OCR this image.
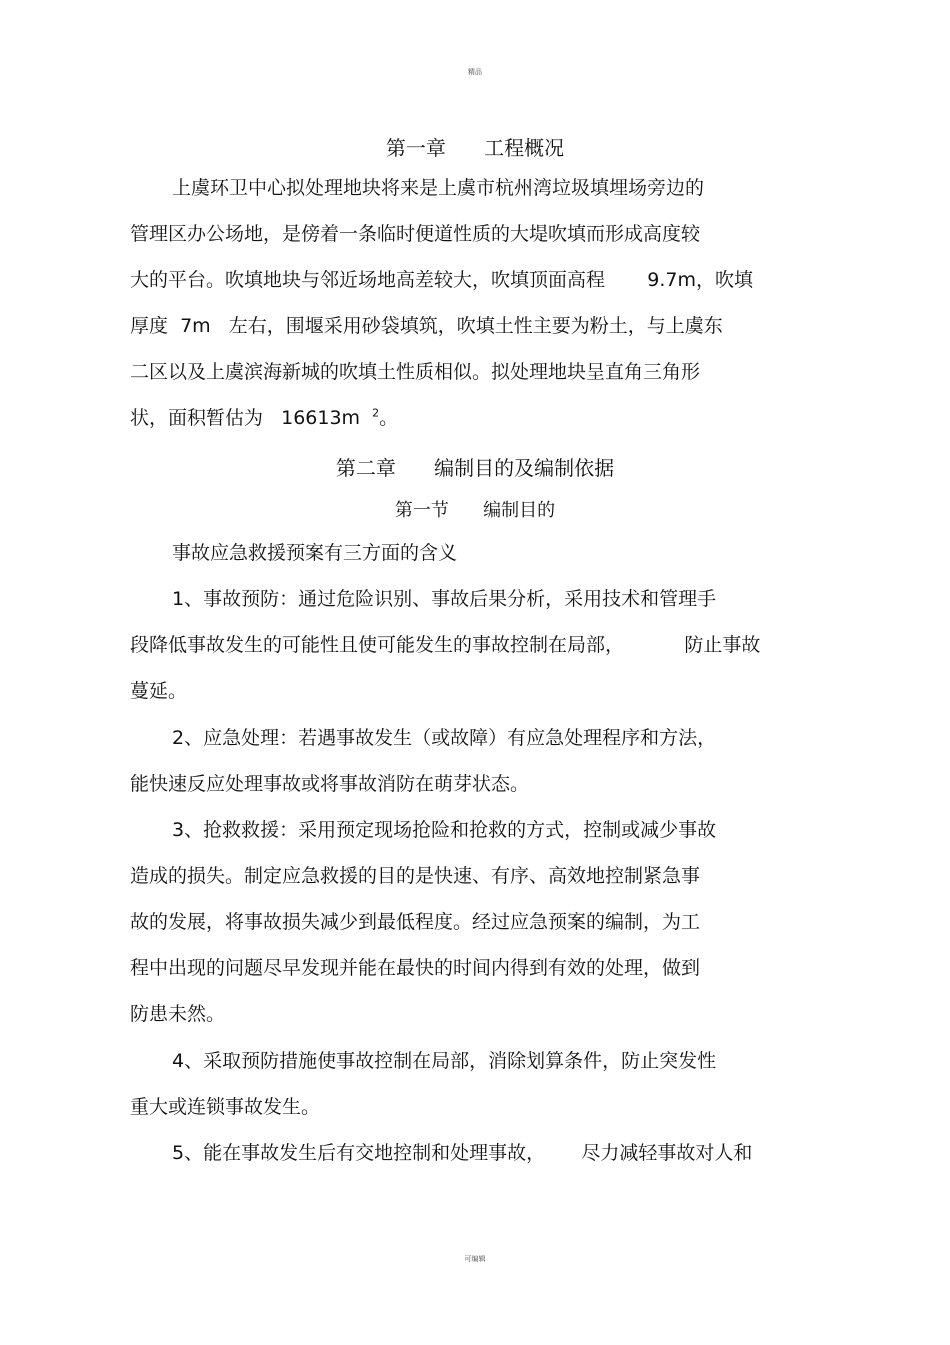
精品
第一章      工程概况
上虞环卫中心拟处理地块将来是上虞市杭州湾垃圾填埋场旁边的
管理区办公场地，是傍着一条临时便道性质的大堤吹填而形成高度较
大的平台。吹填地块与邻近场地高差较大，吹填顶面高程       9.7m，吹填
厚度  7m   左右，围堰采用砂袋填筑，吹填土性主要为粉土，与上虞东
二区以及上虞滨海新城的吹填土性质相似。拟处理地块呈直角三角形
状，面积暂估为   16613m  $^2$。
第二章      编制目的及编制依据
第一节      编制目的
事故应急救援预案有三方面的含义
1、事故预防：通过危险识别、事故后果分析，采用技术和管理手
段降低事故发生的可能性且使可能发生的事故控制在局部，          防止事故
蔓延。
2、应急处理：若遇事故发生（或故障）有应急处理程序和方法，
能快速反应处理事故或将事故消防在萌芽状态。
3、抢救救援：采用预定现场抢险和抢救的方式，控制或减少事故
造成的损失。制定应急救援的目的是快速、有序、高效地控制紧急事
故的发展，将事故损失减少到最低程度。经过应急预案的编制，为工
程中出现的问题尽早发现并能在最快的时间内得到有效的处理，做到
防患未然。
4、采取预防措施使事故控制在局部，消除划算条件，防止突发性
重大或连锁事故发生。
5、能在事故发生后有交地控制和处理事故，      尽力减轻事故对人和
可编辑
